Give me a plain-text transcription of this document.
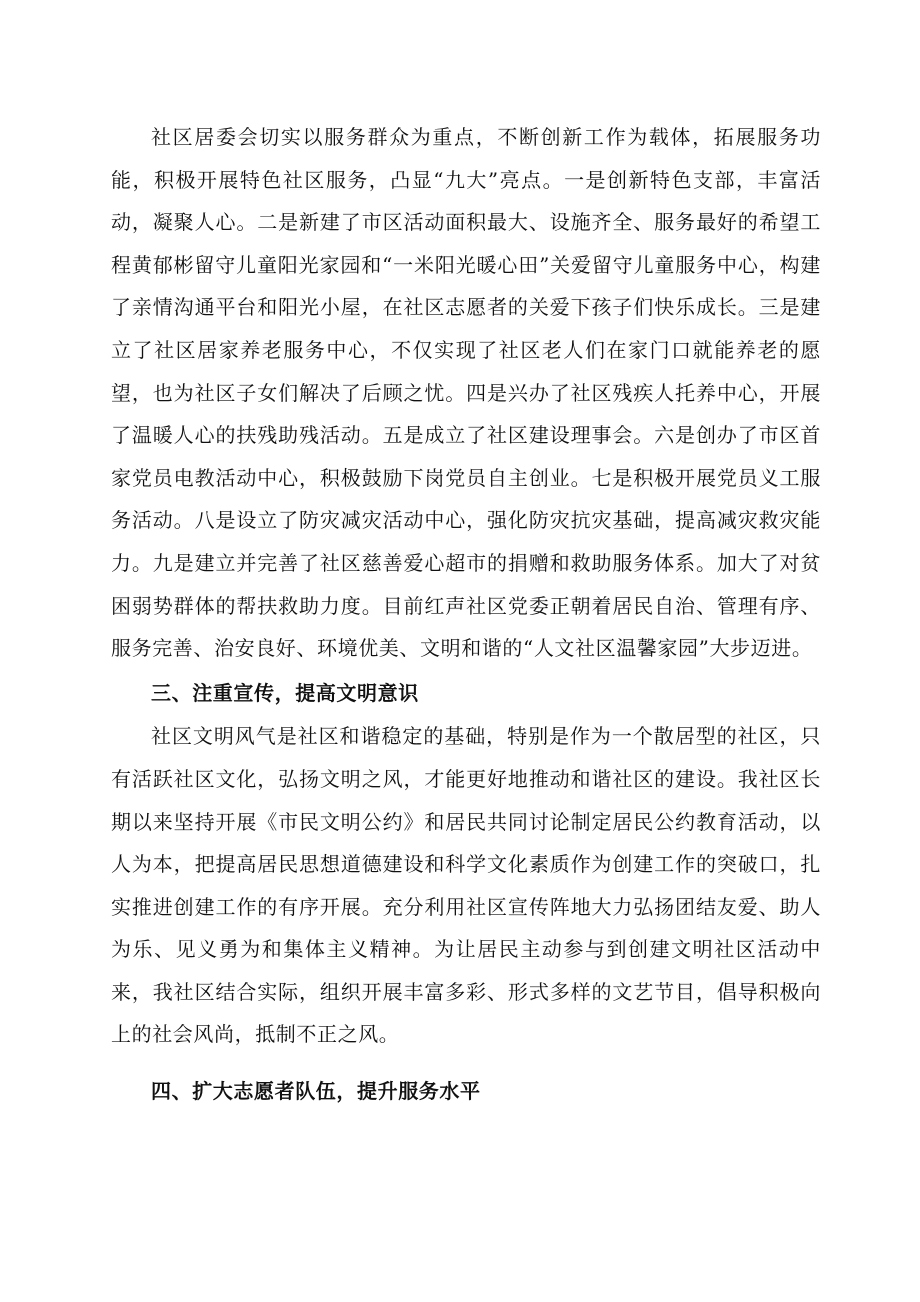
社区居委会切实以服务群众为重点，不断创新工作为载体，拓展服务功能，积极开展特色社区服务，凸显“九大”亮点。一是创新特色支部，丰富活动，凝聚人心。二是新建了市区活动面积最大、设施齐全、服务最好的希望工程黄郁彬留守儿童阳光家园和“一米阳光暖心田”关爱留守儿童服务中心，构建了亲情沟通平台和阳光小屋，在社区志愿者的关爱下孩子们快乐成长。三是建立了社区居家养老服务中心，不仅实现了社区老人们在家门口就能养老的愿望，也为社区子女们解决了后顾之忧。四是兴办了社区残疾人托养中心，开展了温暖人心的扶残助残活动。五是成立了社区建设理事会。六是创办了市区首家党员电教活动中心，积极鼓励下岗党员自主创业。七是积极开展党员义工服务活动。八是设立了防灾减灾活动中心，强化防灾抗灾基础，提高减灾救灾能力。九是建立并完善了社区慈善爱心超市的捐赠和救助服务体系。加大了对贫困弱势群体的帮扶救助力度。目前红声社区党委正朝着居民自治、管理有序、服务完善、治安良好、环境优美、文明和谐的“人文社区温馨家园”大步迈进。

三、注重宣传，提高文明意识

社区文明风气是社区和谐稳定的基础，特别是作为一个散居型的社区，只有活跃社区文化，弘扬文明之风，才能更好地推动和谐社区的建设。我社区长期以来坚持开展《市民文明公约》和居民共同讨论制定居民公约教育活动，以人为本，把提高居民思想道德建设和科学文化素质作为创建工作的突破口，扎实推进创建工作的有序开展。充分利用社区宣传阵地大力弘扬团结友爱、助人为乐、见义勇为和集体主义精神。为让居民主动参与到创建文明社区活动中来，我社区结合实际，组织开展丰富多彩、形式多样的文艺节目，倡导积极向上的社会风尚，抵制不正之风。

四、扩大志愿者队伍，提升服务水平
